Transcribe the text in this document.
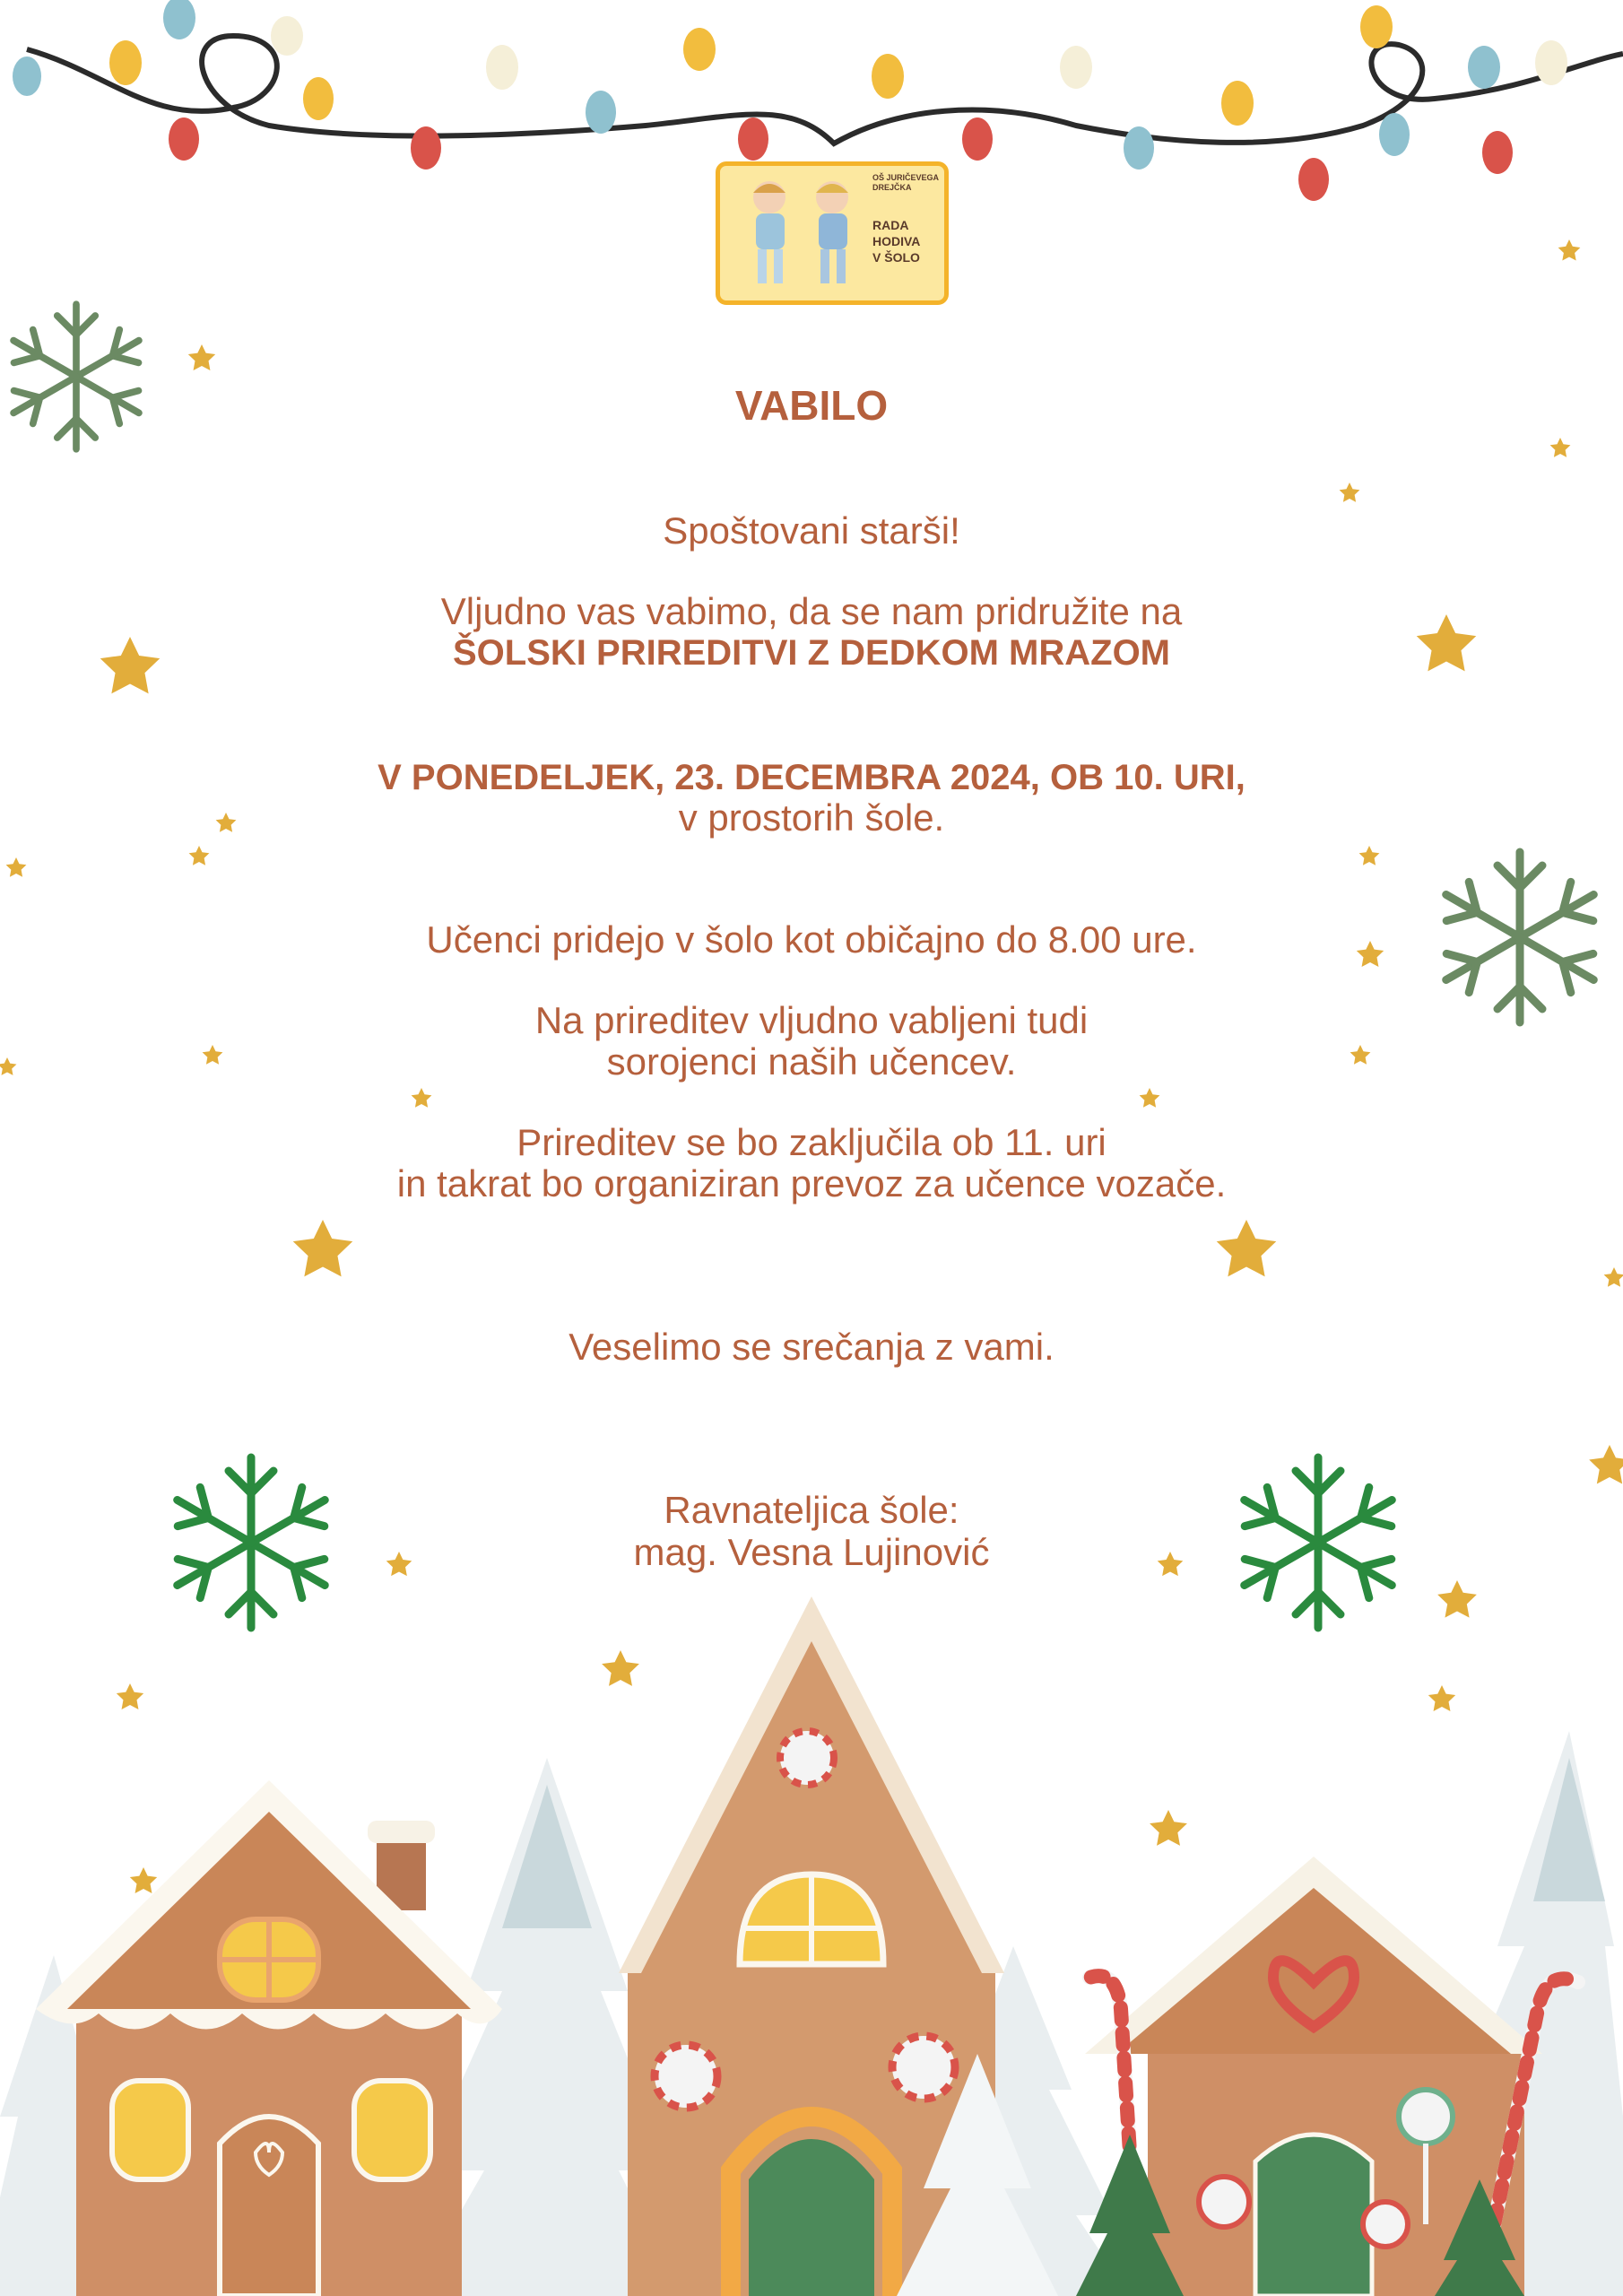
OŠ JURIČEVEGA
DREJČKA
RADA
HODIVA
V ŠOLO
VABILO
Spoštovani starši!
Vljudno vas vabimo, da se nam pridružite na
ŠOLSKI PRIREDITVI Z DEDKOM MRAZOM
V PONEDELJEK, 23. DECEMBRA 2024, OB 10. URI,
v prostorih šole.
Učenci pridejo v šolo kot običajno do 8.00 ure.
Na prireditev vljudno vabljeni tudi
sorojenci naših učencev.
Prireditev se bo zaključila ob 11. uri
in takrat bo organiziran prevoz za učence vozače.
Veselimo se srečanja z vami.
Ravnateljica šole:
mag. Vesna Lujinović
